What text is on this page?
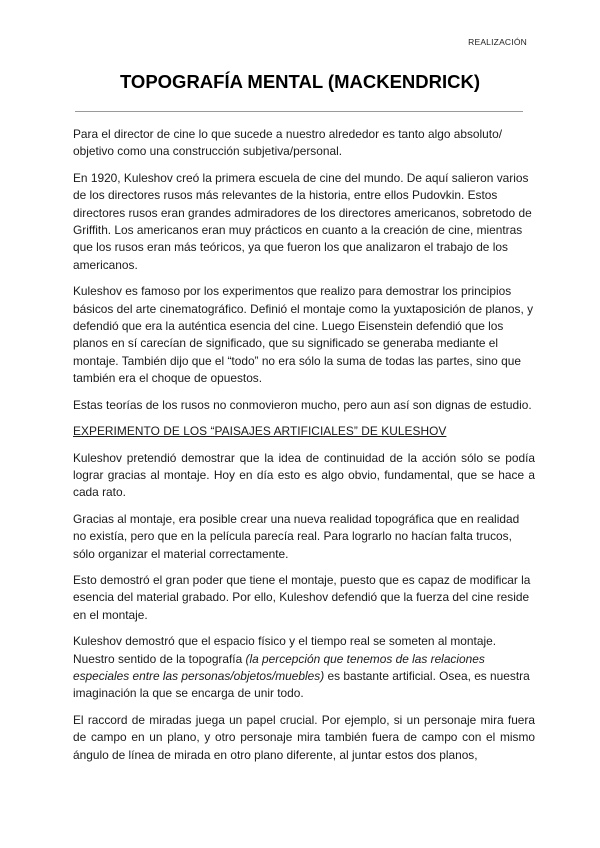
REALIZACIÓN
TOPOGRAFÍA MENTAL (MACKENDRICK)

Para el director de cine lo que sucede a nuestro alrededor es tanto algo absoluto/ objetivo como una construcción subjetiva/personal.

En 1920, Kuleshov creó la primera escuela de cine del mundo. De aquí salieron varios de los directores rusos más relevantes de la historia, entre ellos Pudovkin. Estos directores rusos eran grandes admiradores de los directores americanos, sobretodo de Griffith. Los americanos eran muy prácticos en cuanto a la creación de cine, mientras que los rusos eran más teóricos, ya que fueron los que analizaron el trabajo de los americanos.

Kuleshov es famoso por los experimentos que realizo para demostrar los principios básicos del arte cinematográfico. Definió el montaje como la yuxtaposición de planos, y defendió que era la auténtica esencia del cine. Luego Eisenstein defendió que los planos en sí carecían de significado, que su significado se generaba mediante el montaje. También dijo que el “todo” no era sólo la suma de todas las partes, sino que también era el choque de opuestos.

Estas teorías de los rusos no conmovieron mucho, pero aun así son dignas de estudio.

EXPERIMENTO DE LOS “PAISAJES ARTIFICIALES” DE KULESHOV

Kuleshov pretendió demostrar que la idea de continuidad de la acción sólo se podía lograr gracias al montaje. Hoy en día esto es algo obvio, fundamental, que se hace a cada rato.

Gracias al montaje, era posible crear una nueva realidad topográfica que en realidad no existía, pero que en la película parecía real. Para lograrlo no hacían falta trucos, sólo organizar el material correctamente.

Esto demostró el gran poder que tiene el montaje, puesto que es capaz de modificar la esencia del material grabado. Por ello, Kuleshov defendió que la fuerza del cine reside en el montaje.

Kuleshov demostró que el espacio físico y el tiempo real se someten al montaje. Nuestro sentido de la topografía (la percepción que tenemos de las relaciones especiales entre las personas/objetos/muebles) es bastante artificial. Osea, es nuestra imaginación la que se encarga de unir todo.

El raccord de miradas juega un papel crucial. Por ejemplo, si un personaje mira fuera de campo en un plano, y otro personaje mira también fuera de campo con el mismo ángulo de línea de mirada en otro plano diferente, al juntar estos dos planos,
